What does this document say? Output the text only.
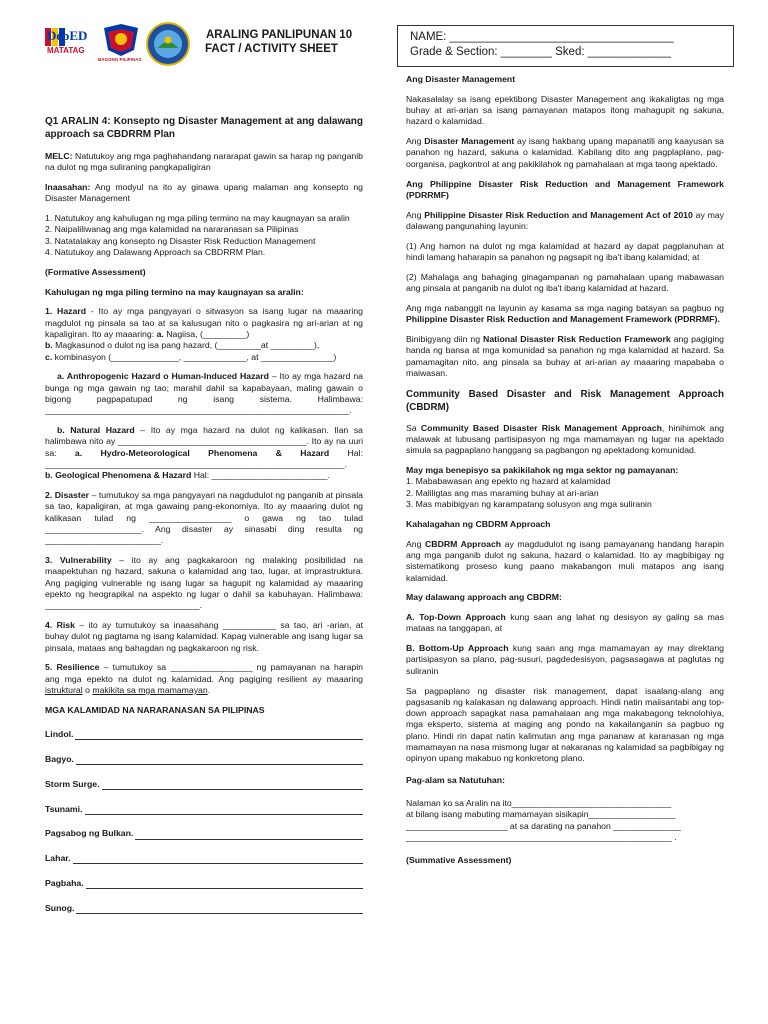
DepED
MATATAG
BAGONG PILIPINAS
ARALING PANLIPUNAN 10
FACT / ACTIVITY SHEET
NAME: ___________________________________
Grade & Section: ________ Sked: _____________
Q1 ARALIN 4: Konsepto ng Disaster Management at ang dalawang approach sa CBDRRM Plan

MELC: Natutukoy ang mga paghahandang nararapat gawin sa harap ng panganib na dulot ng mga suliraning pangkapaligiran

Inaasahan: Ang modyul na ito ay ginawa upang malaman ang konsepto ng Disaster Management

1. Natutukoy ang kahulugan ng mga piling termino na may kaugnayan sa aralin
2. Naipaliliwanag ang mga kalamidad na nararanasan sa Pilipinas
3. Natatalakay ang konsepto ng Disaster Risk Reduction Management
4. Natutukoy ang Dalawang Approach sa CBDRRM Plan.

(Formative Assessment)

Kahulugan ng mga piling termino na may kaugnayan sa aralin:

1. Hazard - Ito ay mga pangyayari o sitwasyon sa isang lugar na maaaring magdulot ng pinsala sa tao at sa kalusugan nito o pagkasira ng ari-arian at ng kapaligiran. Ito ay maaaring: a. Nagiisa, (_________)
b. Magkasunod o dulot ng isa pang hazard, (_________at _________),
c. kombinasyon (______________, _____________, at _______________)

a. Anthropogenic Hazard o Human-Induced Hazard – Ito ay mga hazard na bunga ng mga gawain ng tao; marahil dahil sa kapabayaan, maling gawain o bigong pagpapatupad ng isang sistema. Halimbawa: _______________________________________________________________.

b. Natural Hazard – Ito ay mga hazard na dulot ng kalikasan. Ilan sa halimbawa nito ay _______________________________________. Ito ay na uuri sa: a. Hydro-Meteorological Phenomena & Hazard Hal: ______________________________________________________________.
b. Geological Phenomena & Hazard Hal: ________________________.

2. Disaster – tumutukoy sa mga pangyayari na nagdudulot ng panganib at pinsala sa tao, kapaligiran, at mga gawaing pang-ekonomiya. Ito ay maaaring dulot ng kalikasan tulad ng _________________ o gawa ng tao tulad ____________________. Ang disaster ay sinasabi ding resulta ng ________________________.

3. Vulnerability – ito ay ang pagkakaroon ng malaking posibilidad na maapektuhan ng hazard, sakuna o kalamidad ang tao, lugar, at imprastruktura. Ang pagiging vulnerable ng isang lugar sa hagupit ng kalamidad ay maaaring epekto ng heograpikal na aspekto ng lugar o dahil sa kabuhayan. Halimbawa: ________________________________.

4. Risk – ito ay tumutukoy sa inaasahang ___________ sa tao, ari -arian, at buhay dulot ng pagtama ng isang kalamidad. Kapag vulnerable ang isang lugar sa pinsala, mataas ang bahagdan ng pagkakaroon ng risk.

5. Resilience – tumutukoy sa _________________ ng pamayanan na harapin ang mga epekto na dulot ng kalamidad. Ang pagiging resilient ay maaaring istruktural o makikita sa mga mamamayan.

MGA KALAMIDAD NA NARARANASAN SA PILIPINAS

Lindol.
Bagyo.
Storm Surge.
Tsunami.
Pagsabog ng Bulkan.
Lahar.
Pagbaha.
Sunog.

Ang Disaster Management

Nakasalalay sa isang epektibong Disaster Management ang ikakaligtas ng mga buhay at ari-arian sa isang pamayanan matapos itong mahagupit ng sakuna, hazard o kalamidad.

Ang Disaster Management ay isang hakbang upang mapanatili ang kaayusan sa panahon ng hazard, sakuna o kalamidad. Kabilang dito ang pagplaplano, pag-oorganisa, pagkontrol at ang pakikilahok ng pamahalaan at mga taong apektado.

Ang Philippine Disaster Risk Reduction and Management Framework (PDRRMF)

Ang Philippine Disaster Risk Reduction and Management Act of 2010 ay may dalawang pangunahing layunin:

(1) Ang hamon na dulot ng mga kalamidad at hazard ay dapat pagplanuhan at hindi lamang haharapin sa panahon ng pagsapit ng iba't ibang kalamidad; at

(2) Mahalaga ang bahaging ginagampanan ng pamahalaan upang mabawasan ang pinsala at panganib na dulot ng iba't ibang kalamidad at hazard.

Ang mga nabanggit na layunin ay kasama sa mga naging batayan sa pagbuo ng Philippine Disaster Risk Reduction and Management Framework (PDRRMF).

Binibigyang diin ng National Disaster Risk Reduction Framework ang pagiging handa ng bansa at mga komunidad sa panahon ng mga kalamidad at hazard. Sa pamamagitan nito, ang pinsala sa buhay at ari-arian ay maaaring mapababa o maiwasan.

Community Based Disaster and Risk Management Approach (CBDRM)

Sa Community Based Disaster Risk Management Approach, hinihimok ang malawak at lubusang partisipasyon ng mga mamamayan ng lugar na apektado simula sa pagpaplano hanggang sa pagbangon ng apektadong komunidad.

May mga benepisyo sa pakikilahok ng mga sektor ng pamayanan:
1. Mababawasan ang epekto ng hazard at kalamidad
2. Maliligtas ang mas maraming buhay at ari-arian
3. Mas mabibigyan ng karampatang solusyon ang mga suliranin

Kahalagahan ng CBDRM Approach

Ang CBDRM Approach ay magdudulot ng isang pamayanang handang harapin ang mga panganib dulot ng sakuna, hazard o kalamidad. Ito ay magbibigay ng sistematikong proseso kung paano makabangon muli matapos ang isang kalamidad.

May dalawang approach ang CBDRM:

A. Top-Down Approach kung saan ang lahat ng desisyon ay galing sa mas mataas na tanggapan, at

B. Bottom-Up Approach kung saan ang mga mamamayan ay may direktang partisipasyon sa plano, pag-susuri, pagdedesisyon, pagsasagawa at paglutas ng suliranin

Sa pagpaplano ng disaster risk management, dapat isaalang-alang ang pagsasanib ng kalakasan ng dalawang approach. Hindi natin maiisantabi ang top-down approach sapagkat nasa pamahalaan ang mga makabagong teknolohiya, mga eksperto, sistema at maging ang pondo na kakailanganin sa pagbuo ng plano. Hindi rin dapat natin kalimutan ang mga pananaw at karanasan ng mga mamamayan na nasa mismong lugar at nakaranas ng kalamidad sa pagbibigay ng opinyon upang makabuo ng konkretong plano.

Pag-alam sa Natutuhan:

Nalaman ko sa Aralin na ito_________________________________
at bilang isang mabuting mamamayan sisikapin__________________
_____________________ at sa darating na panahon ______________
_______________________________________________________ .

(Summative Assessment)
